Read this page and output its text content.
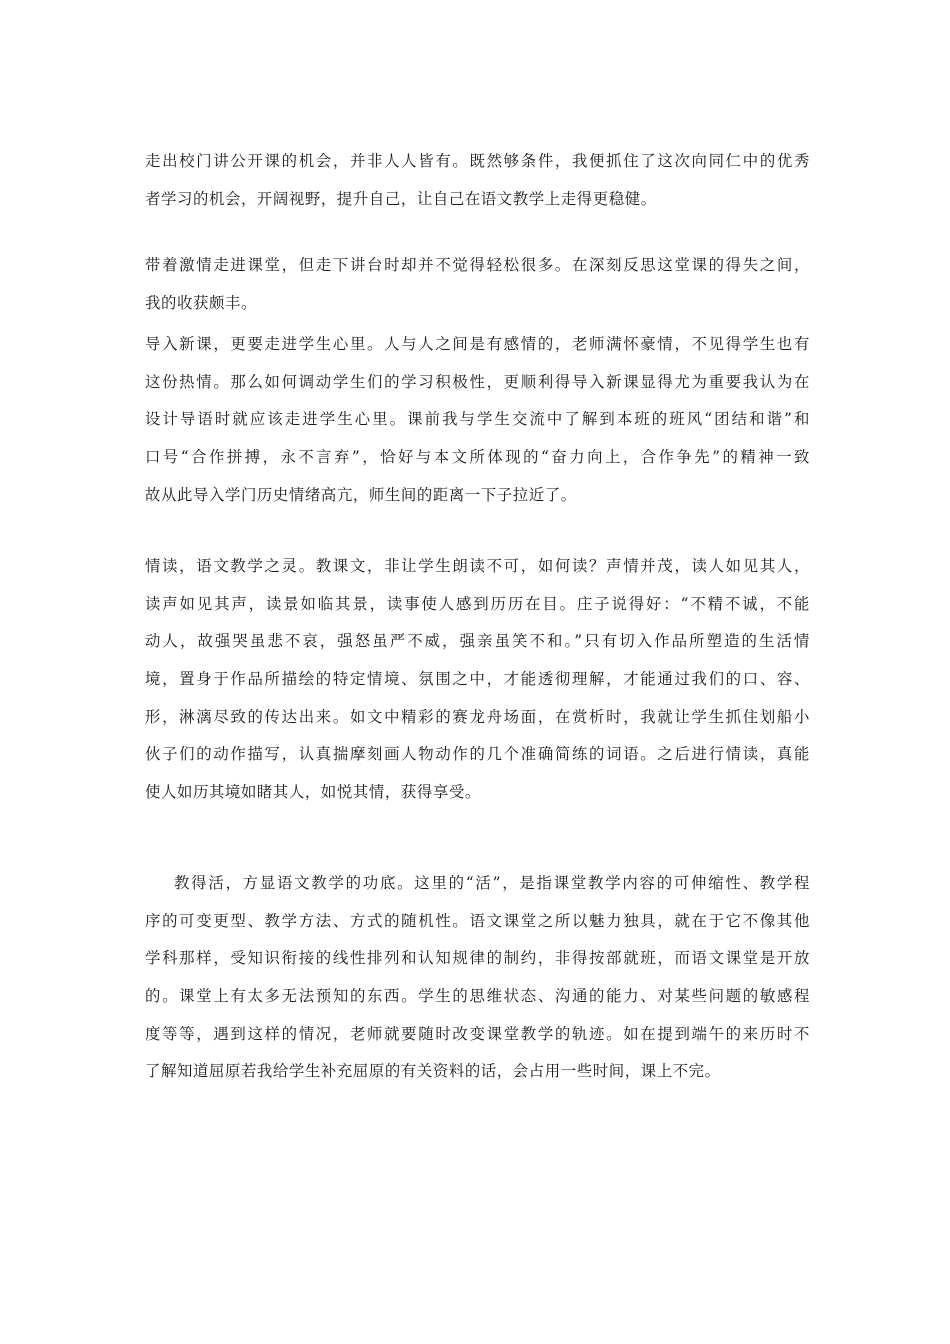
走出校门讲公开课的机会，并非人人皆有。既然够条件，我便抓住了这次向同仁中的优秀
者学习的机会，开阔视野，提升自己，让自己在语文教学上走得更稳健。
带着激情走进课堂，但走下讲台时却并不觉得轻松很多。在深刻反思这堂课的得失之间，
我的收获颇丰。
导入新课，更要走进学生心里。人与人之间是有感情的，老师满怀豪情，不见得学生也有
这份热情。那么如何调动学生们的学习积极性，更顺利得导入新课显得尤为重要我认为在
设计导语时就应该走进学生心里。课前我与学生交流中了解到本班的班风“团结和谐”和
口号“合作拼搏，永不言弃”，恰好与本文所体现的“奋力向上，合作争先”的精神一致
故从此导入学门历史情绪高亢，师生间的距离一下子拉近了。
情读，语文教学之灵。教课文，非让学生朗读不可，如何读？声情并茂，读人如见其人，
读声如见其声，读景如临其景，读事使人感到历历在目。庄子说得好：“不精不诚，不能
动人，故强哭虽悲不哀，强怒虽严不威，强亲虽笑不和。”只有切入作品所塑造的生活情
境，置身于作品所描绘的特定情境、氛围之中，才能透彻理解，才能通过我们的口、容、
形，淋漓尽致的传达出来。如文中精彩的赛龙舟场面，在赏析时，我就让学生抓住划船小
伙子们的动作描写，认真揣摩刻画人物动作的几个准确简练的词语。之后进行情读，真能
使人如历其境如睹其人，如悦其情，获得享受。
教得活，方显语文教学的功底。这里的“活”，是指课堂教学内容的可伸缩性、教学程
序的可变更型、教学方法、方式的随机性。语文课堂之所以魅力独具，就在于它不像其他
学科那样，受知识衔接的线性排列和认知规律的制约，非得按部就班，而语文课堂是开放
的。课堂上有太多无法预知的东西。学生的思维状态、沟通的能力、对某些问题的敏感程
度等等，遇到这样的情况，老师就要随时改变课堂教学的轨迹。如在提到端午的来历时不
了解知道屈原若我给学生补充屈原的有关资料的话，会占用一些时间，课上不完。
